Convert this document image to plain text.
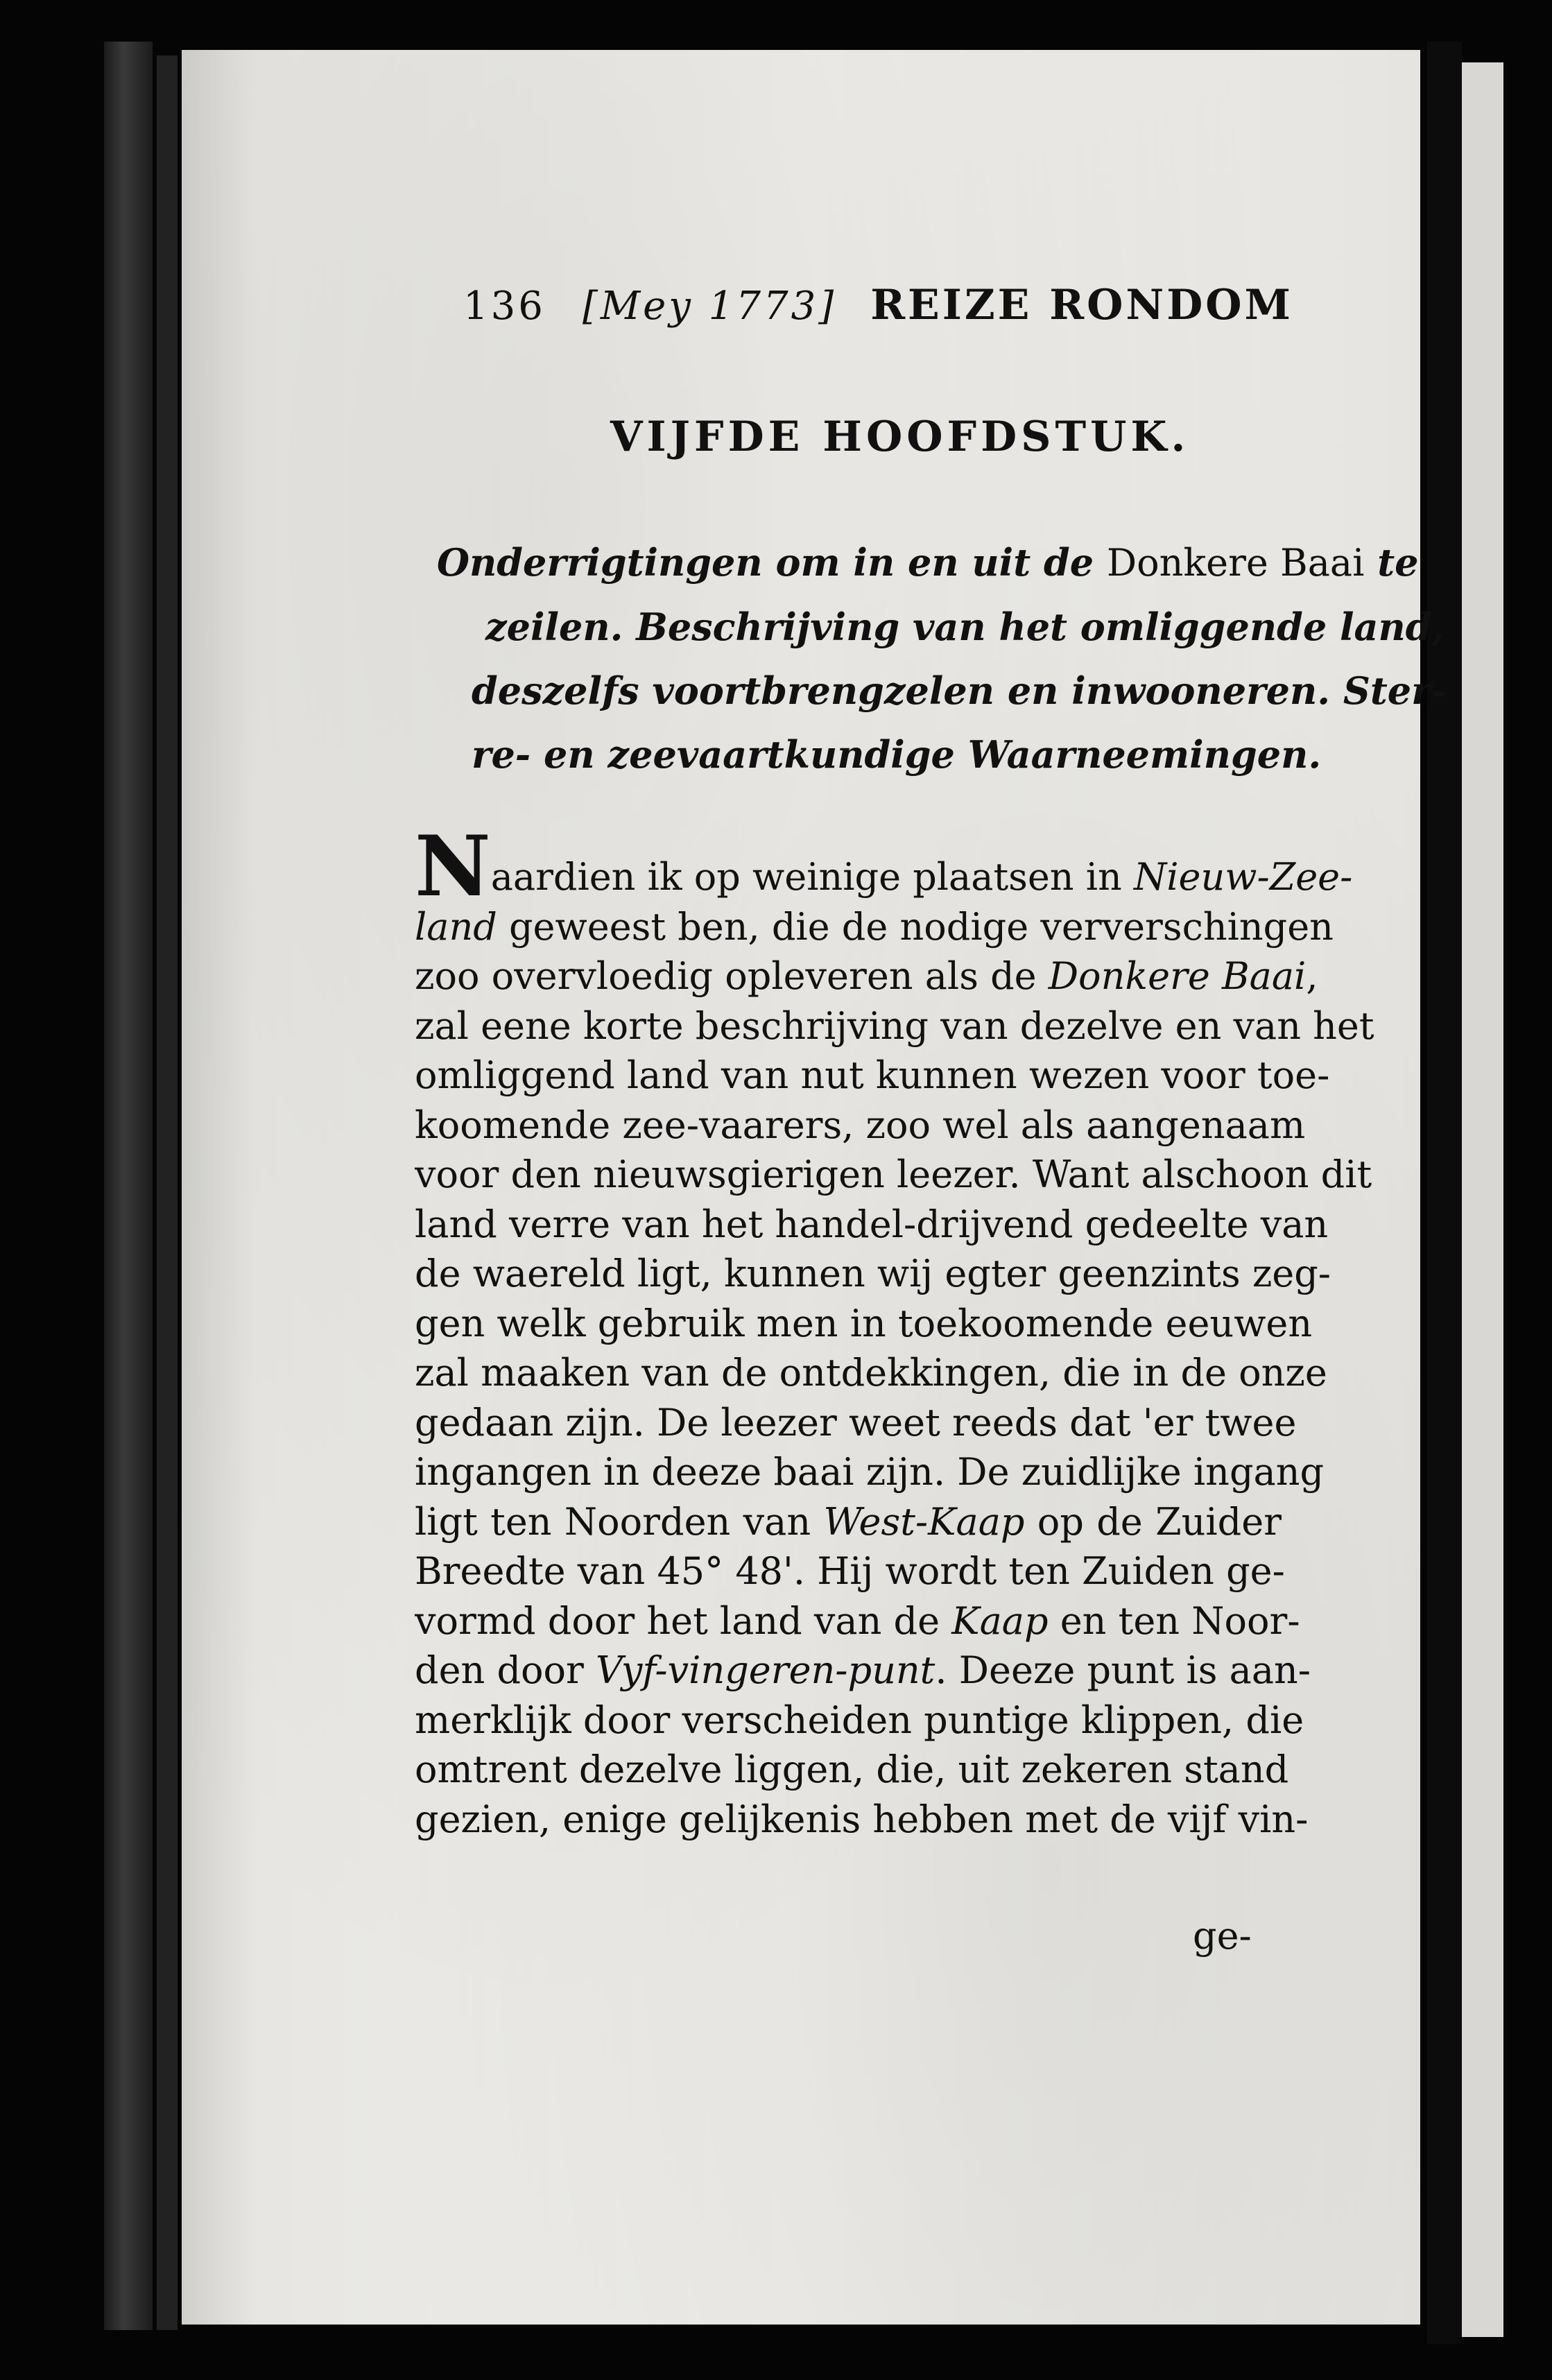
136 [Mey 1773] REIZE RONDOM
VIJFDE HOOFDSTUK.
Onderrigtingen om in en uit de Donkere Baai te
zeilen. Beschrijving van het omliggende land,
deszelfs voortbrengzelen en inwooneren. Ster-
re- en zeevaartkundige Waarneemingen.
Naardien ik op weinige plaatsen in Nieuw-Zee-
land geweest ben, die de nodige ververschingen
zoo overvloedig opleveren als de Donkere Baai,
zal eene korte beschrijving van dezelve en van het
omliggend land van nut kunnen wezen voor toe-
koomende zee-vaarers, zoo wel als aangenaam
voor den nieuwsgierigen leezer. Want alschoon dit
land verre van het handel-drijvend gedeelte van
de waereld ligt, kunnen wij egter geenzints zeg-
gen welk gebruik men in toekoomende eeuwen
zal maaken van de ontdekkingen, die in de onze
gedaan zijn. De leezer weet reeds dat 'er twee
ingangen in deeze baai zijn. De zuidlijke ingang
ligt ten Noorden van West-Kaap op de Zuider
Breedte van 45° 48'. Hij wordt ten Zuiden ge-
vormd door het land van de Kaap en ten Noor-
den door Vyf-vingeren-punt. Deeze punt is aan-
merklijk door verscheiden puntige klippen, die
omtrent dezelve liggen, die, uit zekeren stand
gezien, enige gelijkenis hebben met de vijf vin-
ge-
